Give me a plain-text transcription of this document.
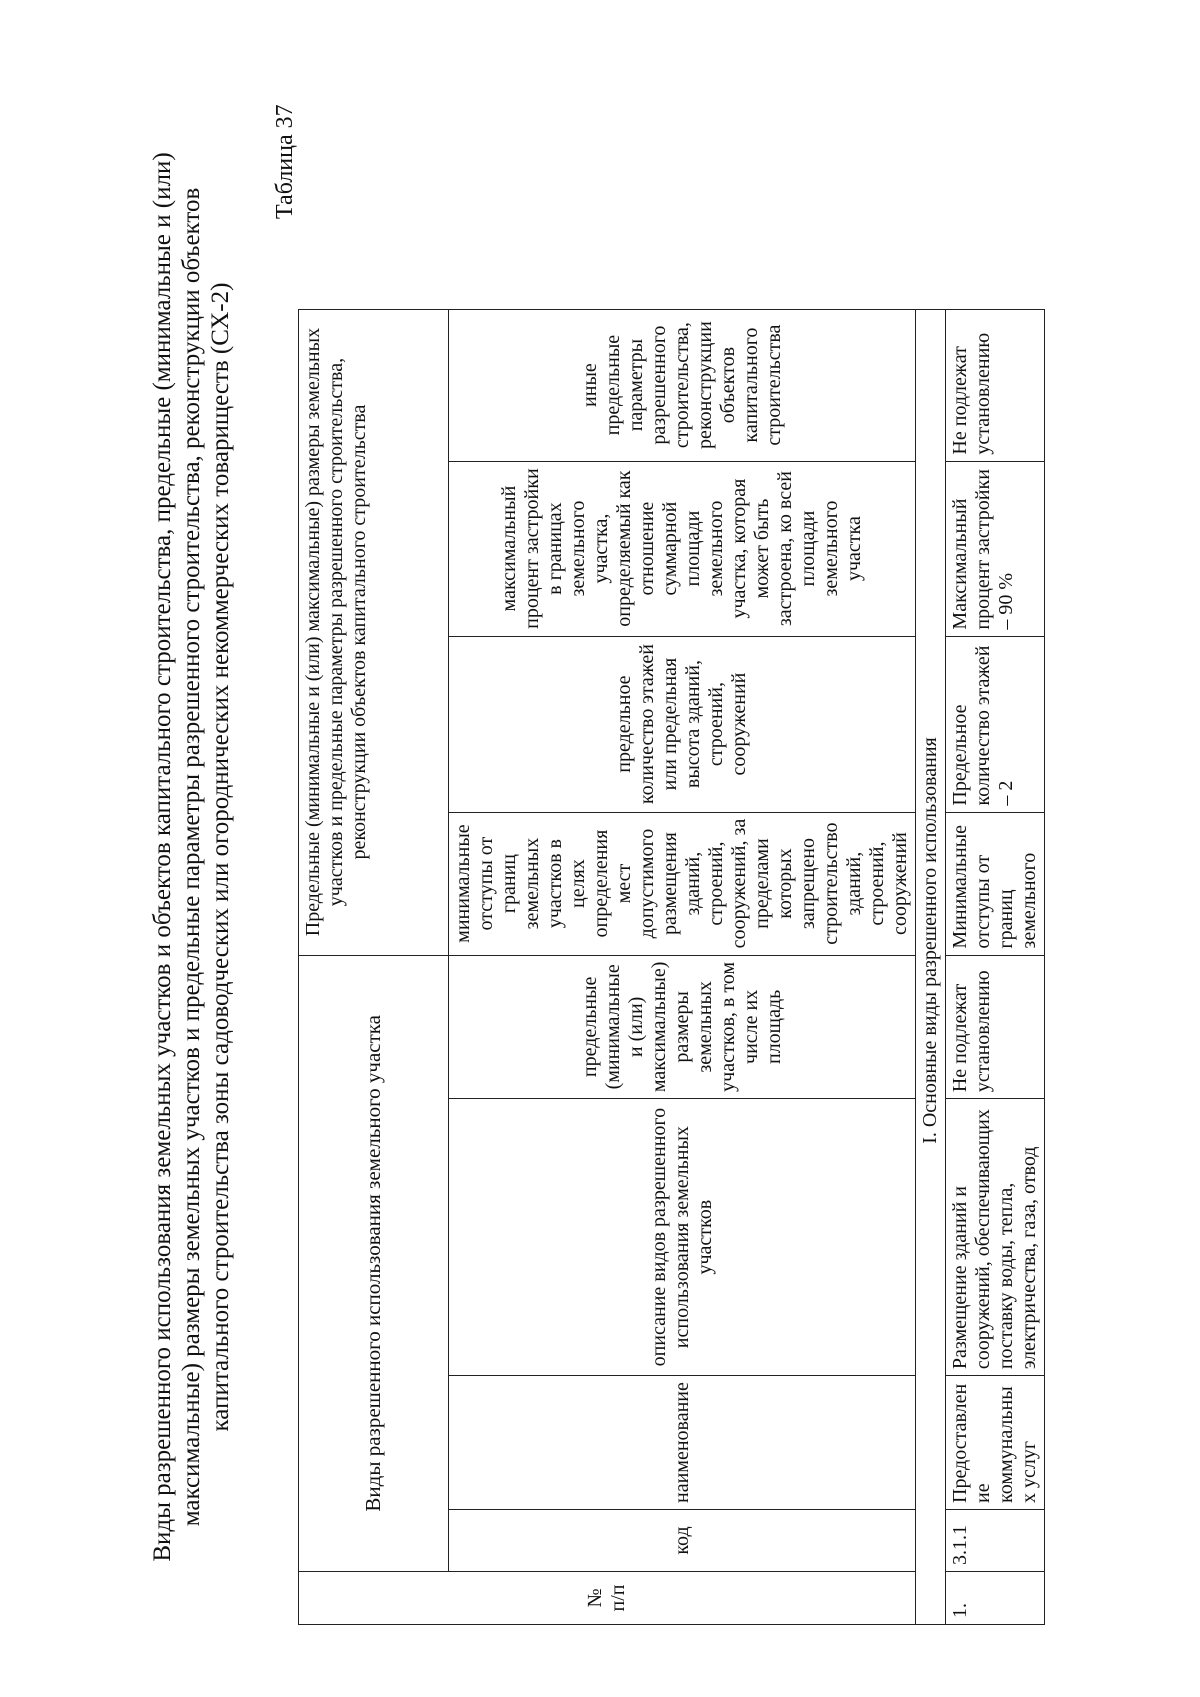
Виды разрешенного использования земельных участков и объектов капитального строительства, предельные (минимальные и (или) максимальные) размеры земельных участков и предельные параметры разрешенного строительства, реконструкции объектов капитального строительства зоны садоводческих или огороднических некоммерческих товариществ (СХ-2)
Таблица 37
№ п/п	Виды разрешенного использования земельного участка				Предельные (минимальные и (или) максимальные) размеры земельных участков и предельные параметры разрешенного строительства, реконструкции объектов капитального строительства			
	код	наименование	описание видов разрешенного использования земельных участков	предельные (минимальные и (или) максимальные) размеры земельных участков, в том числе их площадь	минимальные отступы от границ земельных участков в целях определения мест допустимого размещения зданий, строений, сооружений, за пределами которых запрещено строительство зданий, строений, сооружений	предельное количество этажей или предельная высота зданий, строений, сооружений	максимальный процент застройки в границах земельного участка, определяемый как отношение суммарной площади земельного участка, которая может быть застроена, ко всей площади земельного участка	иные предельные параметры разрешенного строительства, реконструкции объектов капитального строительства
	I. Основные виды разрешенного использования							
1.	3.1.1	Предоставлен ие коммунальны х услуг	Размещение зданий и сооружений, обеспечивающих поставку воды, тепла, электричества, газа, отвод	Не подлежат установлению	Минимальные отступы от границ земельного	Предельное количество этажей – 2	Максимальный процент застройки – 90 %	Не подлежат установлению
